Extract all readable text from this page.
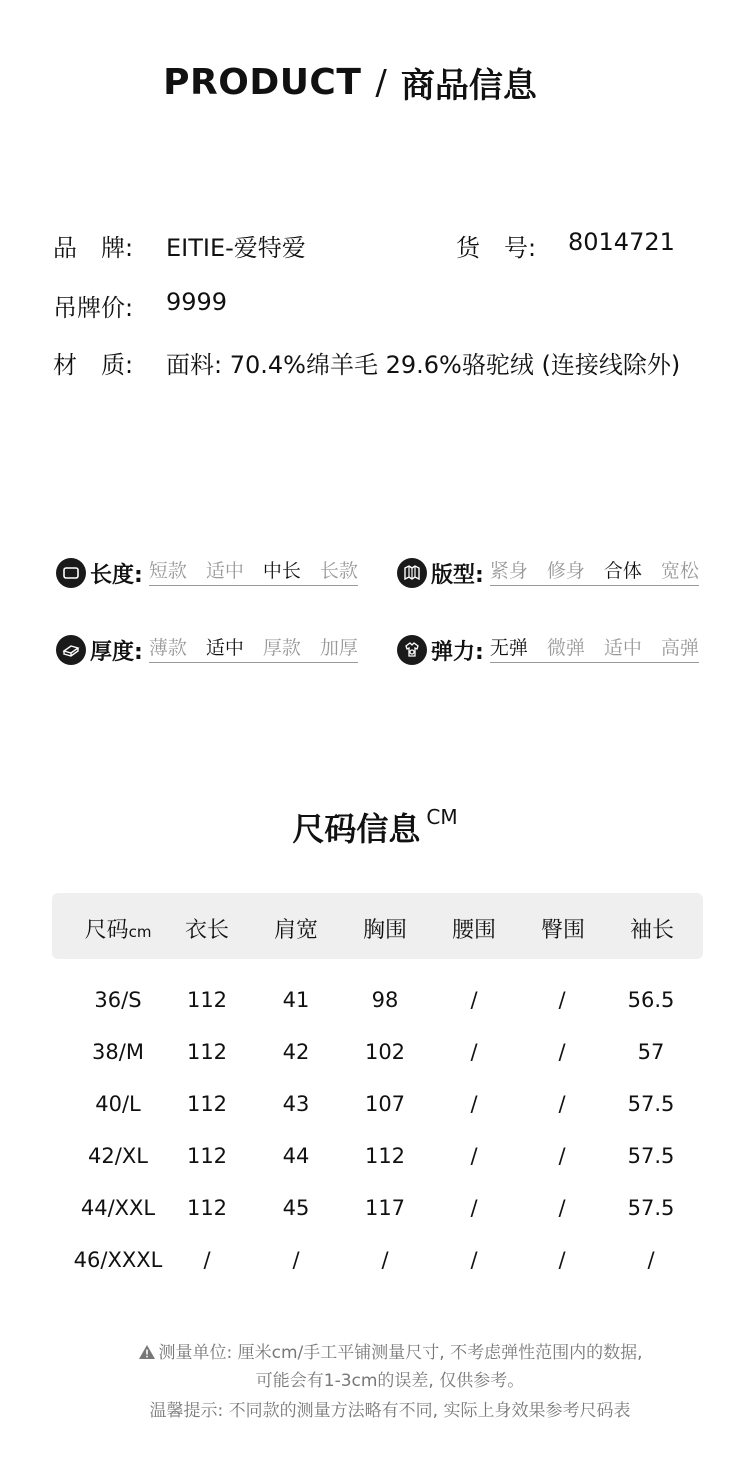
PRODUCT / 商品信息
品　牌: EITIE-爱特爱	货　号: 8014721
吊牌价: 9999
材　质: 面料: 70.4%绵羊毛 29.6%骆驼绒 (连接线除外)
长度: 短款 适中 中长 长款	版型: 紧身 修身 合体 宽松
厚度: 薄款 适中 厚款 加厚	弹力: 无弹 微弹 适中 高弹
尺码信息 CM
尺码cm	衣长	肩宽	胸围	腰围	臀围	袖长
36/S	112	41	98	/	/	56.5
38/M	112	42	102	/	/	57
40/L	112	43	107	/	/	57.5
42/XL	112	44	112	/	/	57.5
44/XXL	112	45	117	/	/	57.5
46/XXXL	/	/	/	/	/	/
测量单位: 厘米cm/手工平铺测量尺寸, 不考虑弹性范围内的数据,
可能会有1-3cm的误差, 仅供参考。
温馨提示: 不同款的测量方法略有不同, 实际上身效果参考尺码表
